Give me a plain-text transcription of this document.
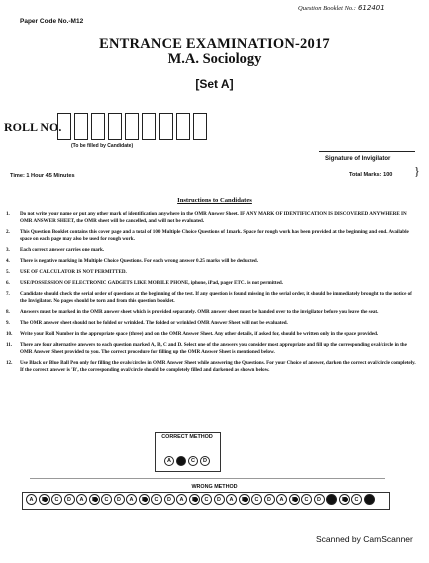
Question Booklet No.: 612401
Paper Code No.-M12
ENTRANCE EXAMINATION-2017
M.A. Sociology
[Set A]
ROLL NO.
(To be filled by Candidate)
Signature of Invigilator
Time: 1 Hour 45 Minutes	Total Marks: 100 }
Instructions to Candidates
1.	Do not write your name or put any other mark of identification anywhere in the OMR Answer Sheet. IF ANY MARK OF IDENTIFICATION IS DISCOVERED ANYWHERE IN OMR ANSWER SHEET, the OMR sheet will be cancelled, and will not be evaluated.
2.	This Question Booklet contains this cover page and a total of 100 Multiple Choice Questions of 1mark. Space for rough work has been provided at the beginning and end. Available space on each page may also be used for rough work.
3.	Each correct answer carries one mark.
4.	There is negative marking in Multiple Choice Questions. For each wrong answer 0.25 marks will be deducted.
5.	USE OF CALCULATOR IS NOT PERMITTED.
6.	USE/POSSESSION OF ELECTRONIC GADGETS LIKE MOBILE PHONE, iphone, iPad, pager ETC. is not permitted.
7.	Candidate should check the serial order of questions at the beginning of the test. If any question is found missing in the serial order, it should be immediately brought to the notice of the Invigilator. No pages should be torn and from this question booklet.
8.	Answers must be marked in the OMR answer sheet which is provided separately. OMR answer sheet must be handed over to the invigilator before you leave the seat.
9.	The OMR answer sheet should not be folded or wrinkled. The folded or wrinkled OMR Answer Sheet will not be evaluated.
10.	Write your Roll Number in the appropriate space (three) and on the OMR Answer Sheet. Any other details, if asked for, should be written only in the space provided.
11.	There are four alternative answers to each question marked A, B, C and D. Select one of the answers you consider most appropriate and fill up the corresponding oval/circle in the OMR Answer Sheet provided to you. The correct procedure for filling up the OMR Answer Sheet is mentioned below.
12.	Use Black or Blue Ball Pen only for filling the ovals/circles in OMR Answer Sheet while answering the Questions. For your Choice of answer, darken the correct oval/circle completely. If the correct answer is 'B', the corresponding oval/circle should be completely filled and darkened as shown below.
CORRECT METHOD
A	B	C	D
WRONG METHOD
A	B	C	D	A	B	C	D	A	B	C	D	A	B	C	D	A	B	C	D	A	B	C	D	A	B	C	D
Scanned by CamScanner
